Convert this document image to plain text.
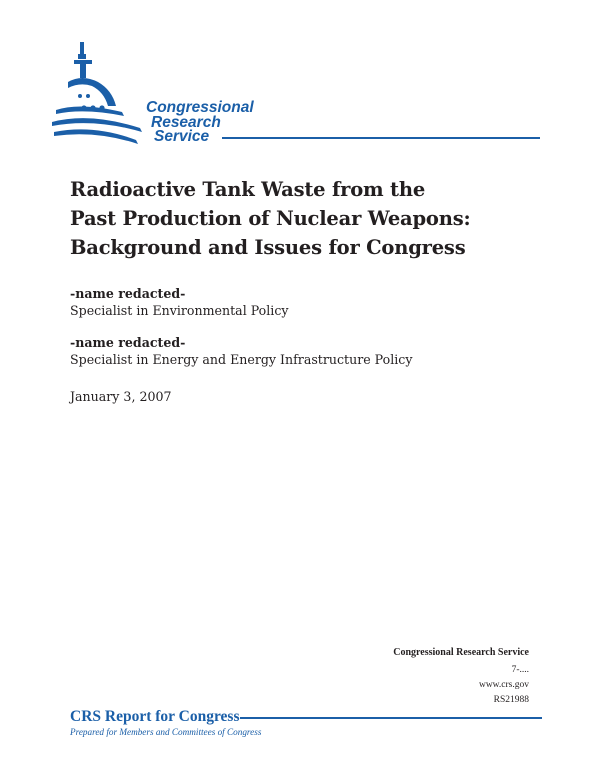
Congressional
Research
Service
Radioactive Tank Waste from the
Past Production of Nuclear Weapons:
Background and Issues for Congress
-name redacted-
Specialist in Environmental Policy
-name redacted-
Specialist in Energy and Energy Infrastructure Policy
January 3, 2007
Congressional Research Service
7-....
www.crs.gov
RS21988
CRS Report for Congress
Prepared for Members and Committees of Congress
